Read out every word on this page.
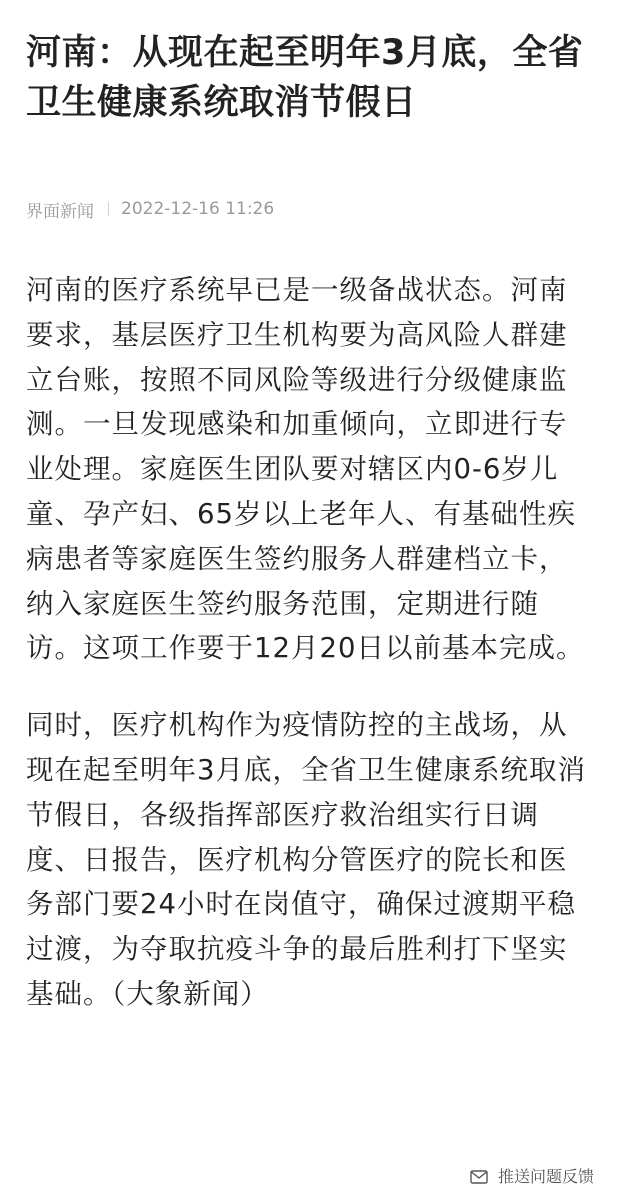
河南：从现在起至明年3月底，全省卫生健康系统取消节假日
界面新闻 2022-12-16 11:26

河南的医疗系统早已是一级备战状态。河南要求，基层医疗卫生机构要为高风险人群建立台账，按照不同风险等级进行分级健康监测。一旦发现感染和加重倾向，立即进行专业处理。家庭医生团队要对辖区内0-6岁儿童、孕产妇、65岁以上老年人、有基础性疾病患者等家庭医生签约服务人群建档立卡，纳入家庭医生签约服务范围，定期进行随访。这项工作要于12月20日以前基本完成。

同时，医疗机构作为疫情防控的主战场，从现在起至明年3月底，全省卫生健康系统取消节假日，各级指挥部医疗救治组实行日调度、日报告，医疗机构分管医疗的院长和医务部门要24小时在岗值守，确保过渡期平稳过渡，为夺取抗疫斗争的最后胜利打下坚实基础。（大象新闻）

推送问题反馈
